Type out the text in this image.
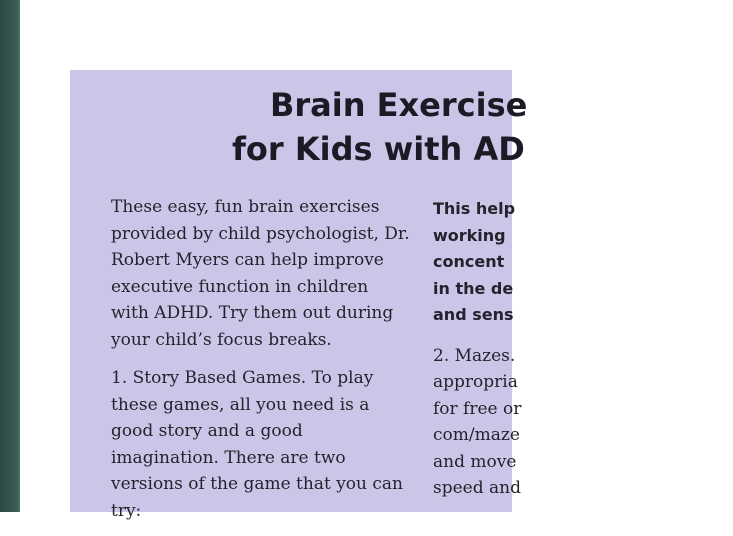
Brain Exercise
for Kids with AD

These easy, fun brain exercises provided by child psychologist, Dr. Robert Myers can help improve executive function in children with ADHD. Try them out during your child’s focus breaks.

1. Story Based Games. To play these games, all you need is a good story and a good imagination. There are two versions of the game that you can try:

This help
working
concent
in the de
and sens
2. Mazes.
appropria
for free or
com/maze
and move
speed and
